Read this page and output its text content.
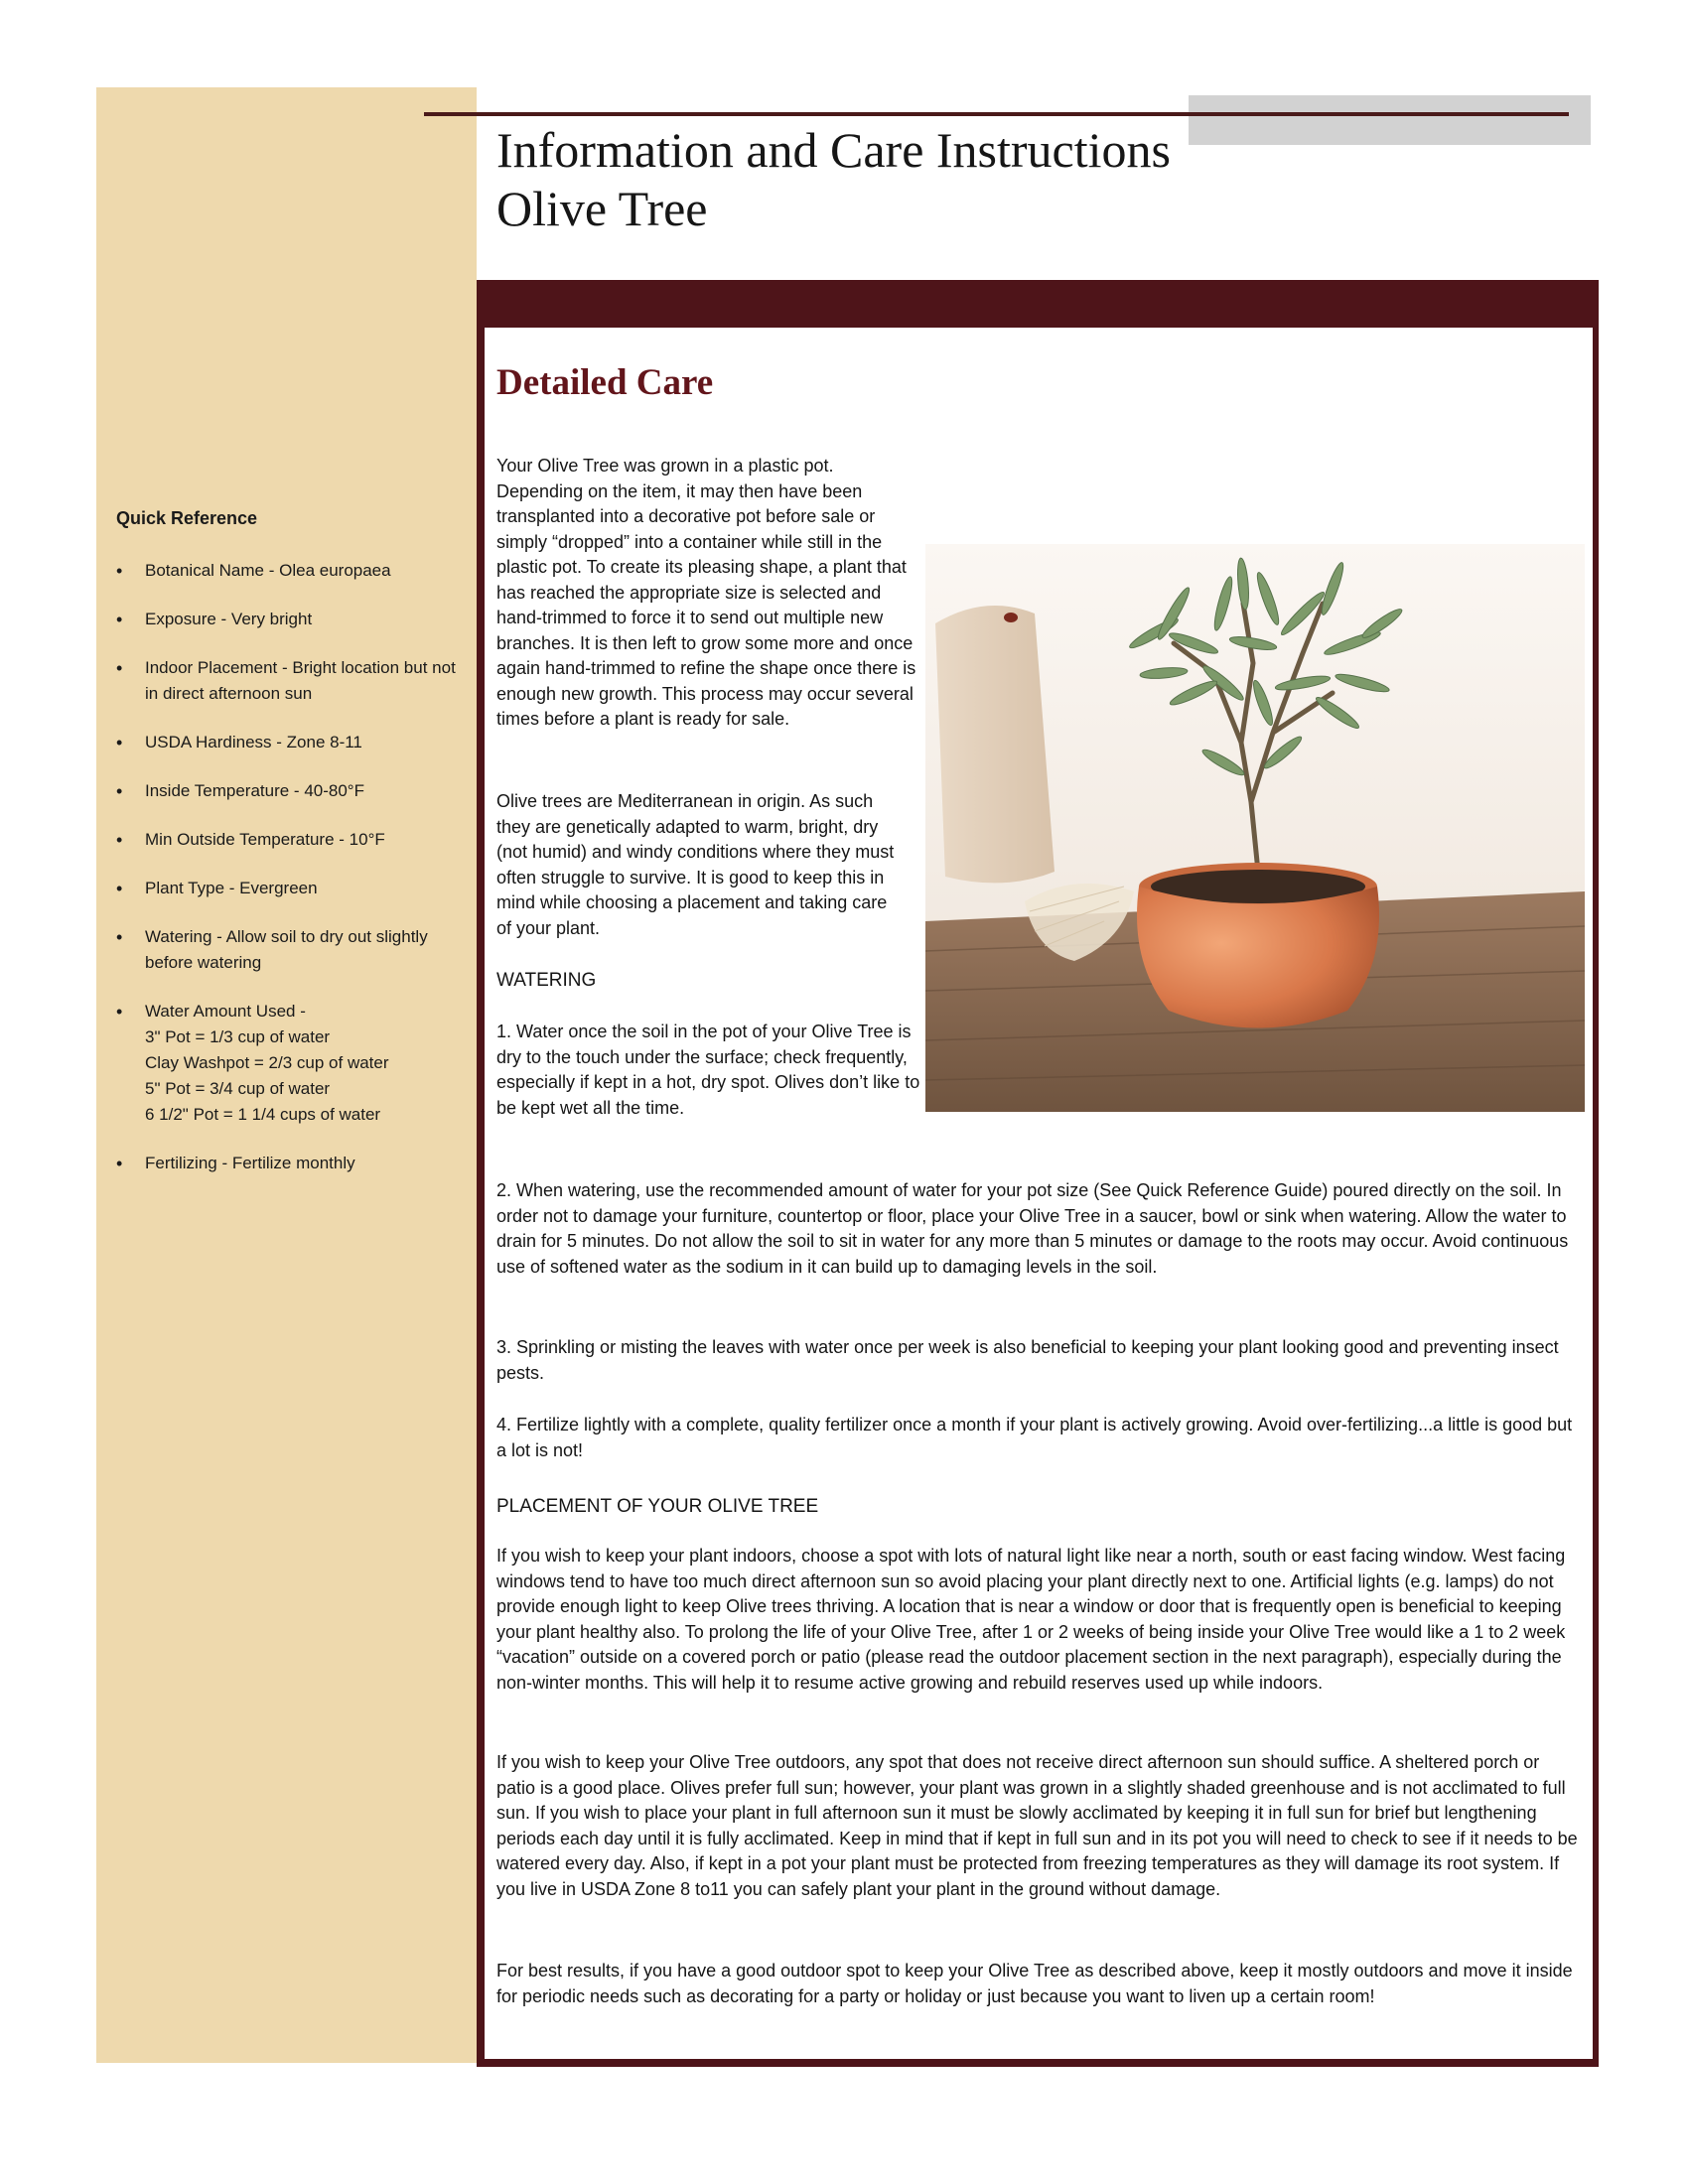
Information and Care Instructions
Olive Tree
Quick Reference
• Botanical Name - Olea europaea
• Exposure - Very bright
• Indoor Placement - Bright location but not in direct afternoon sun
• USDA Hardiness - Zone 8-11
• Inside Temperature - 40-80°F
• Min Outside Temperature - 10°F
• Plant Type - Evergreen
• Watering - Allow soil to dry out slightly before watering
• Water Amount Used -
3" Pot = 1/3 cup of water
Clay Washpot = 2/3 cup of water
5" Pot = 3/4 cup of water
6 1/2" Pot = 1 1/4 cups of water
• Fertilizing - Fertilize monthly
Detailed Care

Your Olive Tree was grown in a plastic pot. Depending on the item, it may then have been transplanted into a decorative pot before sale or simply “dropped” into a container while still in the plastic pot. To create its pleasing shape, a plant that has reached the appropriate size is selected and hand-trimmed to force it to send out multiple new branches. It is then left to grow some more and once again hand-trimmed to refine the shape once there is enough new growth. This process may occur several times before a plant is ready for sale.

Olive trees are Mediterranean in origin. As such they are genetically adapted to warm, bright, dry (not humid) and windy conditions where they must often struggle to survive. It is good to keep this in mind while choosing a placement and taking care of your plant.

WATERING

1. Water once the soil in the pot of your Olive Tree is dry to the touch under the surface; check frequently, especially if kept in a hot, dry spot. Olives don’t like to be kept wet all the time.

2. When watering, use the recommended amount of water for your pot size (See Quick Reference Guide) poured directly on the soil. In order not to damage your furniture, countertop or floor, place your Olive Tree in a saucer, bowl or sink when watering. Allow the water to drain for 5 minutes. Do not allow the soil to sit in water for any more than 5 minutes or damage to the roots may occur. Avoid continuous use of softened water as the sodium in it can build up to damaging levels in the soil.

3. Sprinkling or misting the leaves with water once per week is also beneficial to keeping your plant looking good and preventing insect pests.

4. Fertilize lightly with a complete, quality fertilizer once a month if your plant is actively growing. Avoid over-fertilizing...a little is good but a lot is not!

PLACEMENT OF YOUR OLIVE TREE

If you wish to keep your plant indoors, choose a spot with lots of natural light like near a north, south or east facing window. West facing windows tend to have too much direct afternoon sun so avoid placing your plant directly next to one. Artificial lights (e.g. lamps) do not provide enough light to keep Olive trees thriving. A location that is near a window or door that is frequently open is beneficial to keeping your plant healthy also. To prolong the life of your Olive Tree, after 1 or 2 weeks of being inside your Olive Tree would like a 1 to 2 week “vacation” outside on a covered porch or patio (please read the outdoor placement section in the next paragraph), especially during the non-winter months. This will help it to resume active growing and rebuild reserves used up while indoors.

If you wish to keep your Olive Tree outdoors, any spot that does not receive direct afternoon sun should suffice. A sheltered porch or patio is a good place. Olives prefer full sun; however, your plant was grown in a slightly shaded greenhouse and is not acclimated to full sun. If you wish to place your plant in full afternoon sun it must be slowly acclimated by keeping it in full sun for brief but lengthening periods each day until it is fully acclimated. Keep in mind that if kept in full sun and in its pot you will need to check to see if it needs to be watered every day. Also, if kept in a pot your plant must be protected from freezing temperatures as they will damage its root system. If you live in USDA Zone 8 to11 you can safely plant your plant in the ground without damage.

For best results, if you have a good outdoor spot to keep your Olive Tree as described above, keep it mostly outdoors and move it inside for periodic needs such as decorating for a party or holiday or just because you want to liven up a certain room!
